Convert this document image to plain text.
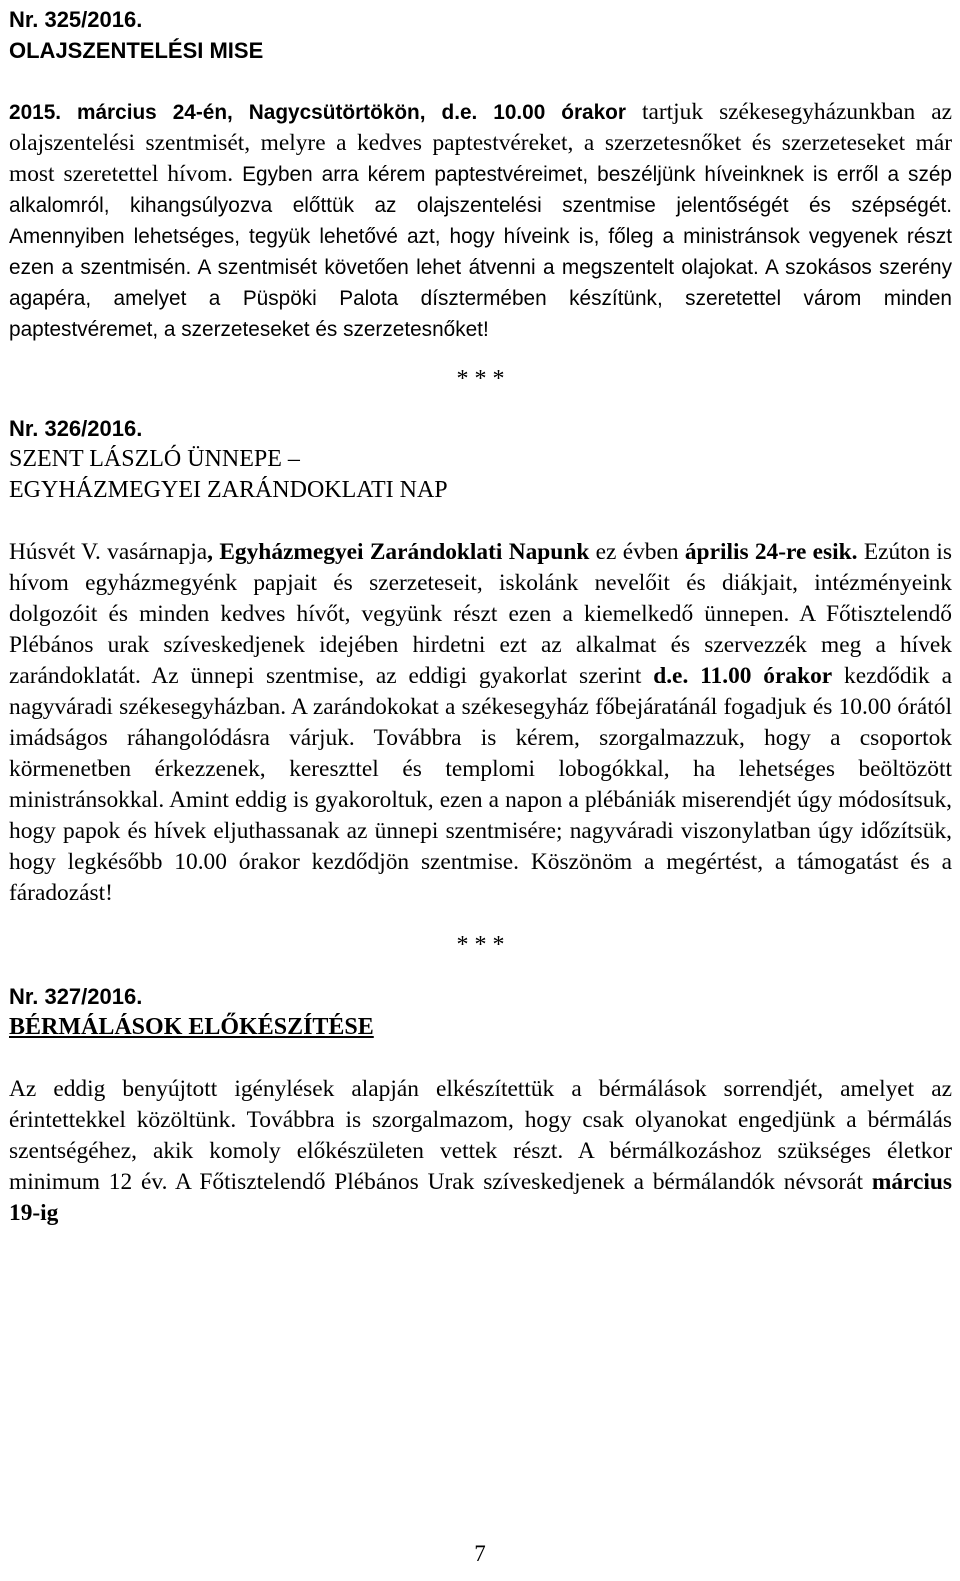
Nr. 325/2016.

OLAJSZENTELÉSI MISE

2015. március 24-én, Nagycsütörtökön, d.e. 10.00 órakor tartjuk székesegyházunkban az olajszentelési szentmisét, melyre a kedves paptestvéreket, a szerzetesnőket és szerzeteseket már most szeretettel hívom. Egyben arra kérem paptestvéreimet, beszéljünk híveinknek is erről a szép alkalomról, kihangsúlyozva előttük az olajszentelési szentmise jelentőségét és szépségét. Amennyiben lehetséges, tegyük lehetővé azt, hogy híveink is, főleg a ministránsok vegyenek részt ezen a szentmisén. A szentmisét követően lehet átvenni a megszentelt olajokat. A szokásos szerény agapéra, amelyet a Püspöki Palota dísztermében készítünk, szeretettel várom minden paptestvéremet, a szerzeteseket és szerzetesnőket!

* * *

Nr. 326/2016.

SZENT LÁSZLÓ ÜNNEPE –

EGYHÁZMEGYEI ZARÁNDOKLATI NAP

Húsvét V. vasárnapja, Egyházmegyei Zarándoklati Napunk ez évben április 24-re esik. Ezúton is hívom egyházmegyénk papjait és szerzeteseit, iskolánk nevelőit és diákjait, intézményeink dolgozóit és minden kedves hívőt, vegyünk részt ezen a kiemelkedő ünnepen. A Főtisztelendő Plébános urak szíveskedjenek idejében hirdetni ezt az alkalmat és szervezzék meg a hívek zarándoklatát. Az ünnepi szentmise, az eddigi gyakorlat szerint d.e. 11.00 órakor kezdődik a nagyváradi székesegyházban. A zarándokokat a székesegyház főbejáratánál fogadjuk és 10.00 órától imádságos ráhangolódásra várjuk. Továbbra is kérem, szorgalmazzuk, hogy a csoportok körmenetben érkezzenek, kereszttel és templomi lobogókkal, ha lehetséges beöltözött ministránsokkal. Amint eddig is gyakoroltuk, ezen a napon a plébániák miserendjét úgy módosítsuk, hogy papok és hívek eljuthassanak az ünnepi szentmisére; nagyváradi viszonylatban úgy időzítsük, hogy legkésőbb 10.00 órakor kezdődjön szentmise. Köszönöm a megértést, a támogatást és a fáradozást!

* * *

Nr. 327/2016.

BÉRMÁLÁSOK ELŐKÉSZÍTÉSE

Az eddig benyújtott igénylések alapján elkészítettük a bérmálások sorrendjét, amelyet az érintettekkel közöltünk. Továbbra is szorgalmazom, hogy csak olyanokat engedjünk a bérmálás szentségéhez, akik komoly előkészületen vettek részt. A bérmálkozáshoz szükséges életkor minimum 12 év. A Főtisztelendő Plébános Urak szíveskedjenek a bérmálandók névsorát március 19-ig

7
